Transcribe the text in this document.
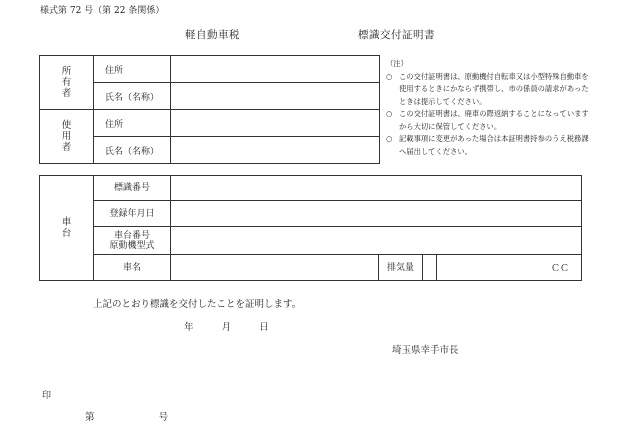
様式第 72 号（第 22 条関係）
軽自動車税	標識交付証明書
所有者	住所	
	氏名（名称）	
使用者	住所	
	氏名（名称）	
（注）
○ この交付証明書は、原動機付自転車又は小型特殊自動車を使用するときにかならず携帯し、市の係員の請求があったときは提示してください。
○ この交付証明書は、廃車の際返納することになっていますから大切に保管してください。
○ 記載事項に変更があった場合は本証明書持参のうえ税務課へ届出してください。
車台	標識番号				
	登録年月日				

	車台番号
原動機型式				

	車名		排気量		ＣＣ
上記のとおり標識を交付したことを証明します。
年	月	日
埼玉県幸手市長
印
第	号
